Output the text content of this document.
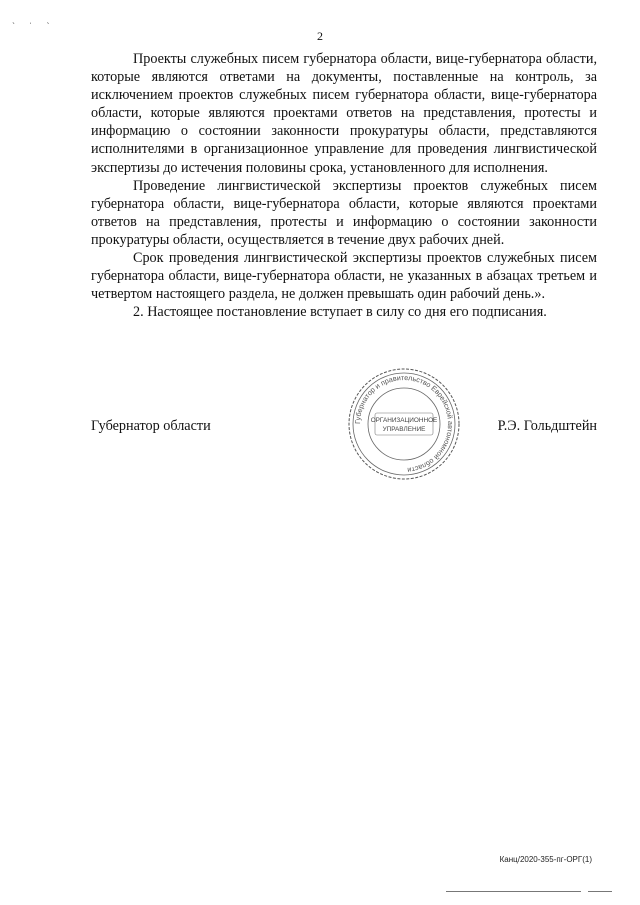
ˎ ˌ ˎ
2

Проекты служебных писем губернатора области, вице-губернатора области, которые являются ответами на документы, поставленные на контроль, за исключением проектов служебных писем губернатора области, вице-губернатора области, которые являются проектами ответов на представления, протесты и информацию о состоянии законности прокуратуры области, представляются исполнителями в организационное управление для проведения лингвистической экспертизы до истечения половины срока, установленного для исполнения.

Проведение лингвистической экспертизы проектов служебных писем губернатора области, вице-губернатора области, которые являются проектами ответов на представления, протесты и информацию о состоянии законности прокуратуры области, осуществляется в течение двух рабочих дней.

Срок проведения лингвистической экспертизы проектов служебных писем губернатора области, вице-губернатора области, не указанных в абзацах третьем и четвертом настоящего раздела, не должен превышать один рабочий день.».

2. Настоящее постановление вступает в силу со дня его подписания.

Губернатор области	Р.Э. Гольдштейн
Губернатор и правительство Еврейской автономной области
ОРГАНИЗАЦИОННОЕ
УПРАВЛЕНИЕ
Канц/2020-355-пг-ОРГ(1)
